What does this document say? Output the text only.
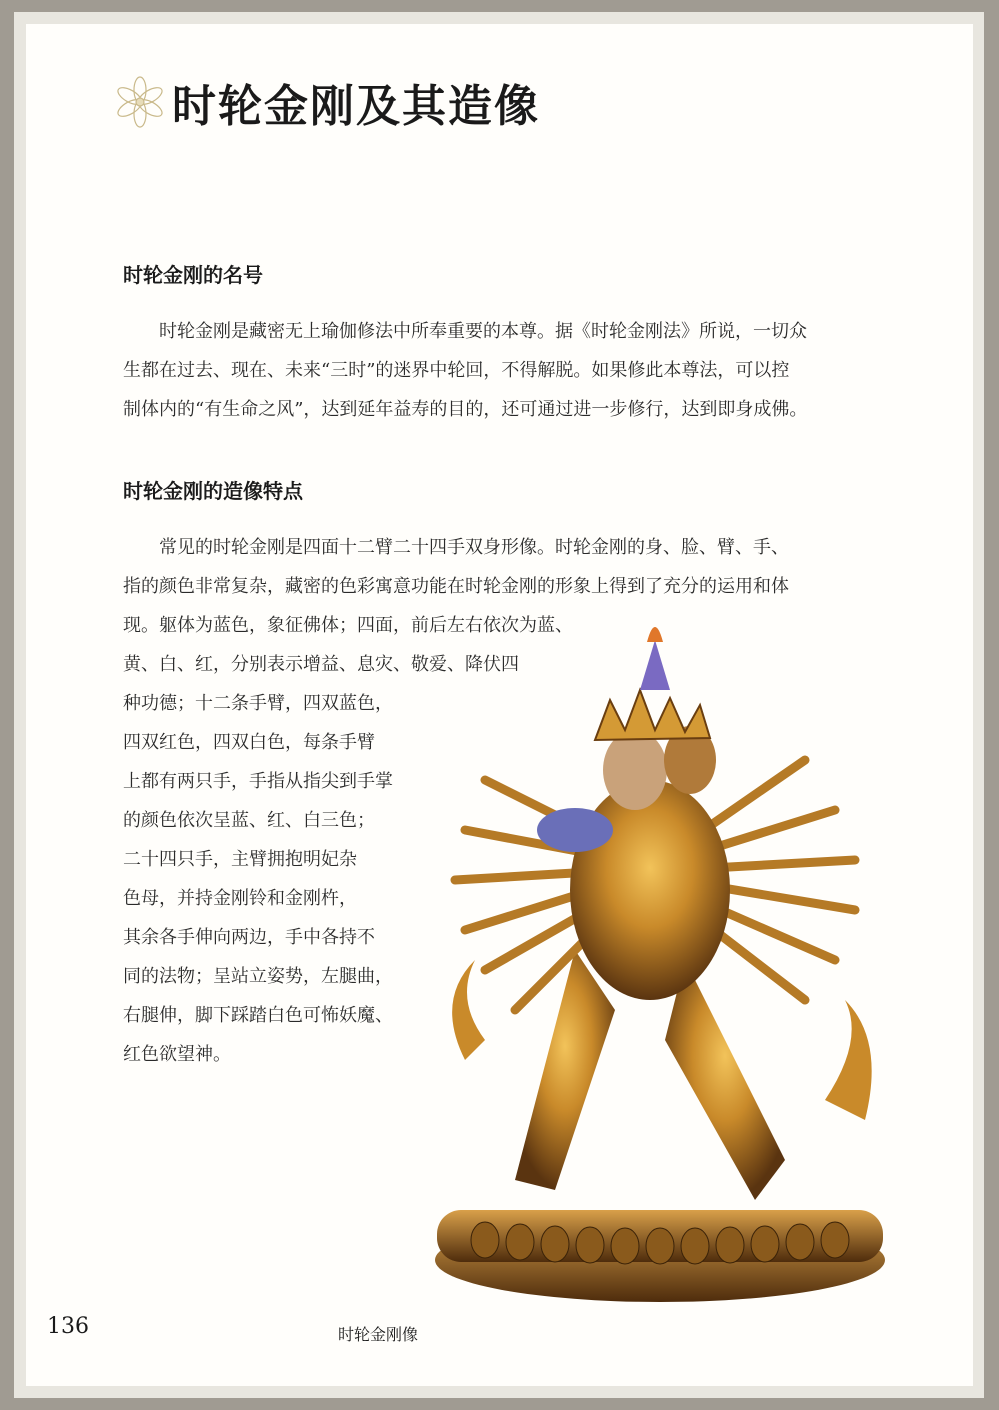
时轮金刚及其造像
时轮金刚的名号
　　时轮金刚是藏密无上瑜伽修法中所奉重要的本尊。据《时轮金刚法》所说，一切众
生都在过去、现在、未来“三时”的迷界中轮回，不得解脱。如果修此本尊法，可以控
制体内的“有生命之风”，达到延年益寿的目的，还可通过进一步修行，达到即身成佛。
时轮金刚的造像特点
　　常见的时轮金刚是四面十二臂二十四手双身形像。时轮金刚的身、脸、臂、手、
指的颜色非常复杂，藏密的色彩寓意功能在时轮金刚的形象上得到了充分的运用和体
现。躯体为蓝色，象征佛体；四面，前后左右依次为蓝、
黄、白、红，分别表示增益、息灾、敬爱、降伏四
种功德；十二条手臂，四双蓝色，
四双红色，四双白色，每条手臂
上都有两只手，手指从指尖到手掌
的颜色依次呈蓝、红、白三色；
二十四只手，主臂拥抱明妃杂
色母，并持金刚铃和金刚杵，
其余各手伸向两边，手中各持不
同的法物；呈站立姿势，左腿曲，
右腿伸，脚下踩踏白色可怖妖魔、
红色欲望神。
136	时轮金刚像
